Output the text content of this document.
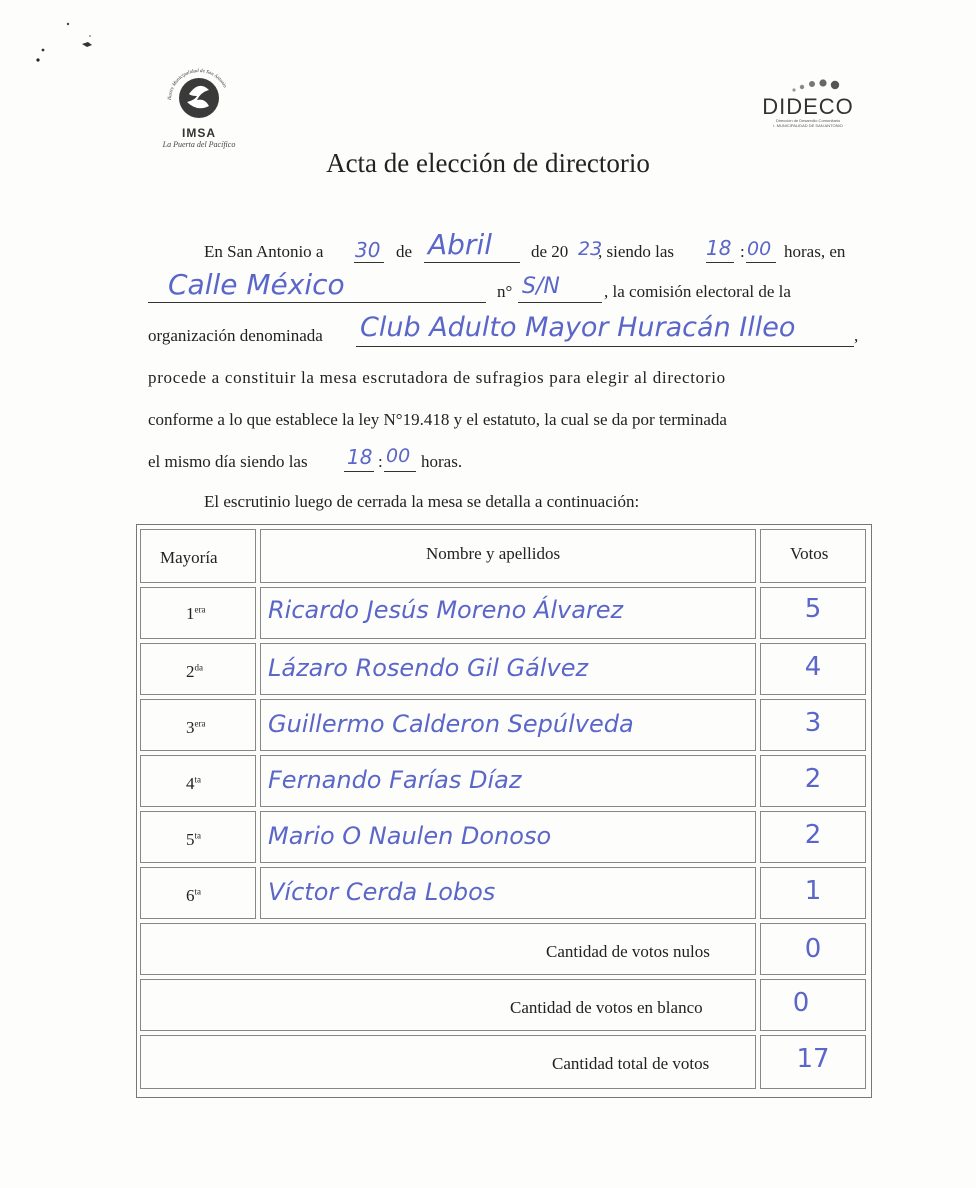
Ilustre Municipalidad de San Antonio
IMSA
La Puerta del Pacífico
DIDECO
Dirección de Desarrollo Comunitario
I. MUNICIPALIDAD DE SAN ANTONIO
Acta de elección de directorio
En San Antonio a 30 de Abril de 20 23
, siendo las 18 : 00 horas, en
Calle México	n° S/N	, la comisión electoral de la
organización denominada Club Adulto Mayor Huracán Illeo	,
procede a constituir la mesa escrutadora de sufragios para elegir al directorio
conforme a lo que establece la ley N°19.418 y el estatuto, la cual se da por terminada
el mismo día siendo las 18 : 00 horas.
El escrutinio luego de cerrada la mesa se detalla a continuación:
Mayoría	Nombre y apellidos	Votos
$1^{era}$	Ricardo Jesús Moreno Álvarez	5
$2^{da}$	Lázaro Rosendo Gil Gálvez	4
$3^{era}$	Guillermo Calderon Sepúlveda	3
$4^{ta}$	Fernando Farías Díaz	2
$5^{ta}$	Mario O Naulen Donoso	2
$6^{ta}$	Víctor Cerda Lobos	1
Cantidad de votos nulos	0
Cantidad de votos en blanco	0
Cantidad total de votos	17
